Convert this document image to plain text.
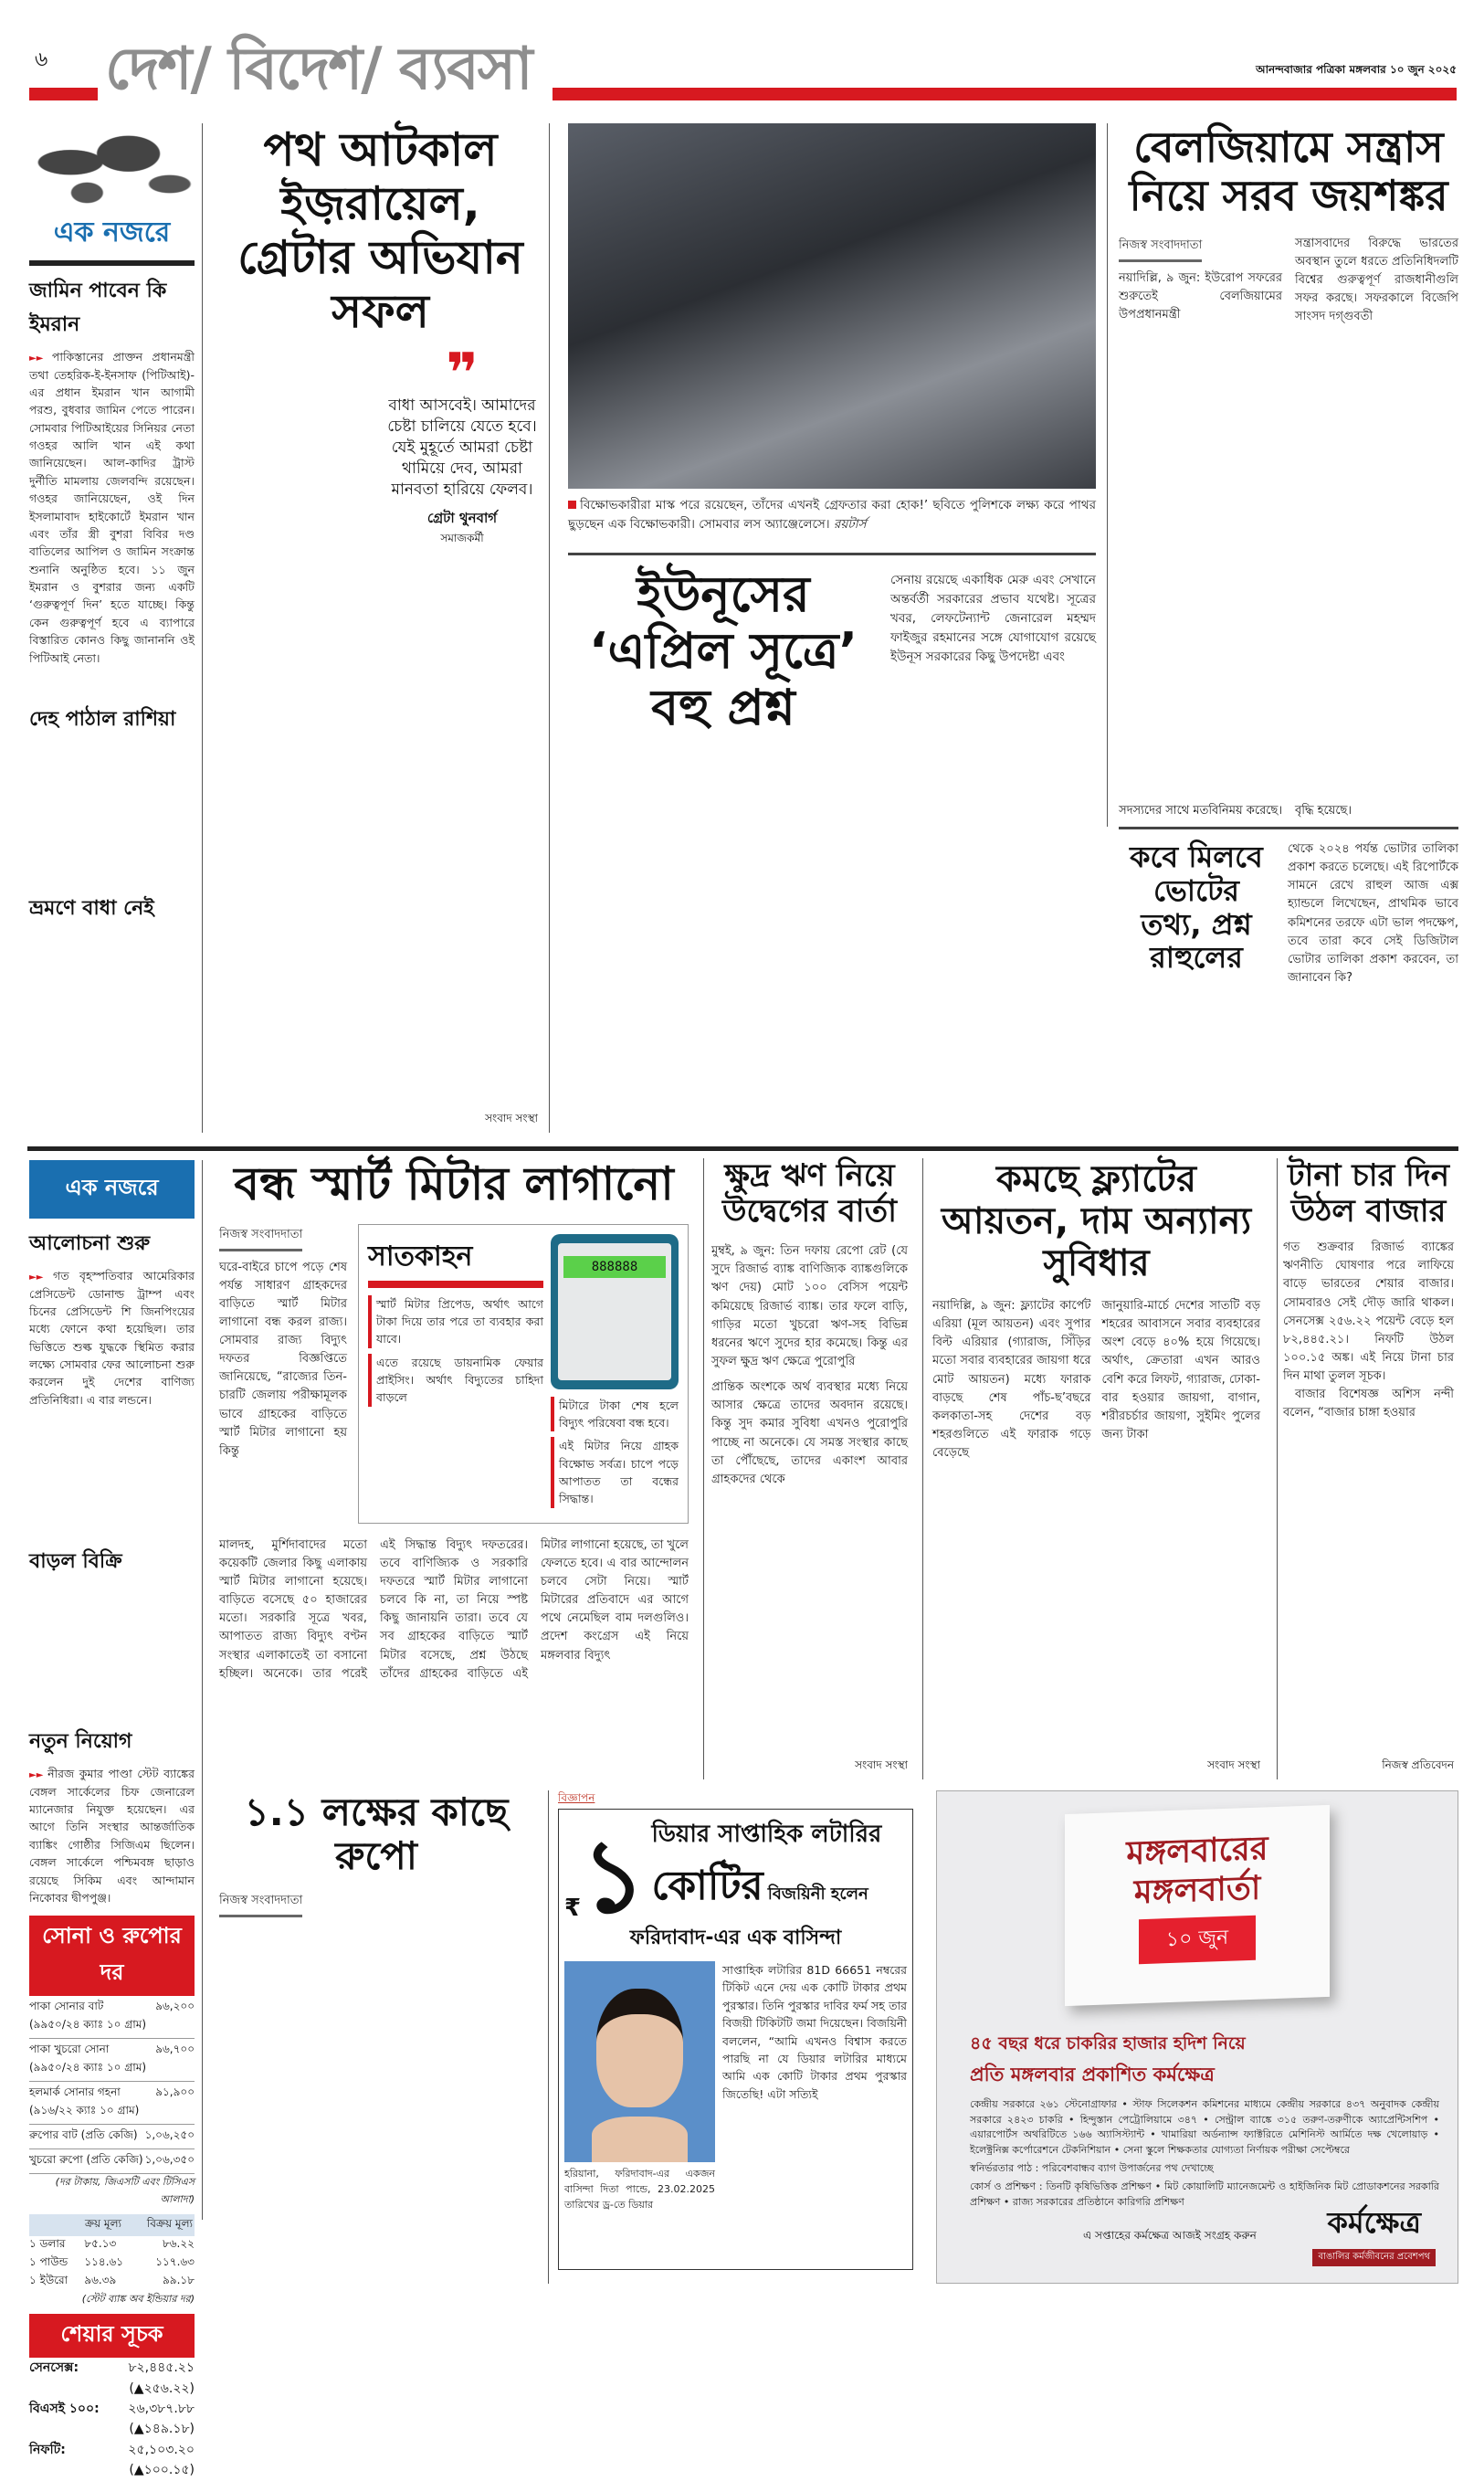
৬ দেশ/ বিদেশ/ ব্যবসা	আনন্দবাজার পত্রিকা মঙ্গলবার ১০ জুন ২০২৫
এক নজরে
জামিন পাবেন কি ইমরান
►► পাকিস্তানের প্রাক্তন প্রধানমন্ত্রী তথা তেহরিক-ই-ইনসাফ (পিটিআই)-এর প্রধান ইমরান খান আগামী পরশু, বুধবার জামিন পেতে পারেন। সোমবার পিটিআইয়ের সিনিয়র নেতা গওহর আলি খান এই কথা জানিয়েছেন। আল-কাদির ট্রাস্ট দুর্নীতি মামলায় জেলবন্দি রয়েছেন। গওহর জানিয়েছেন, ওই দিন ইসলামাবাদ হাইকোর্টে ইমরান খান এবং তাঁর স্ত্রী বুশরা বিবির দণ্ড বাতিলের আপিল ও জামিন সংক্রান্ত শুনানি অনুষ্ঠিত হবে। ১১ জুন ইমরান ও বুশরার জন্য একটি ‘গুরুত্বপূর্ণ দিন’ হতে যাচ্ছে। কিন্তু কেন গুরুত্বপূর্ণ হবে এ ব্যাপারে বিস্তারিত কোনও কিছু জানাননি ওই পিটিআই নেতা।
দেহ পাঠাল রাশিয়া
ভ্রমণে বাধা নেই
পথ আটকাল ইজ়রায়েল, গ্রেটার অভিযান সফল
❞
বাধা আসবেই। আমাদের চেষ্টা চালিয়ে যেতে হবে। যেই মুহূর্তে আমরা চেষ্টা থামিয়ে দেব, আমরা মানবতা হারিয়ে ফেলব।
গ্রেটা থুনবার্গ
সমাজকর্মী
সংবাদ সংস্থা
বিক্ষোভকারীরা মাস্ক পরে রয়েছেন, তাঁদের এখনই গ্রেফতার করা হোক!’ ছবিতে পুলিশকে লক্ষ্য করে পাথর ছুড়ছেন এক বিক্ষোভকারী। সোমবার লস অ্যাঞ্জেলেসে। রয়টার্স
ইউনূসের ‘এপ্রিল সূত্রে’ বহু প্রশ্ন
সেনায় রয়েছে একাধিক মেরু এবং সেখানে অন্তর্বর্তী সরকারের প্রভাব যথেষ্ট। সূত্রের খবর, লেফটেন্যান্ট জেনারেল মহম্মদ ফাইজুর রহমানের সঙ্গে যোগাযোগ রয়েছে ইউনূস সরকারের কিছু উপদেষ্টা এবং
বেলজিয়ামে সন্ত্রাস নিয়ে সরব জয়শঙ্কর
নিজস্ব সংবাদদাতা
নয়াদিল্লি, ৯ জুন: ইউরোপ সফরের শুরুতেই বেলজিয়ামের উপপ্রধানমন্ত্রী
সন্ত্রাসবাদের বিরুদ্ধে ভারতের অবস্থান তুলে ধরতে প্রতিনিধিদলটি বিশ্বের গুরুত্বপূর্ণ রাজধানীগুলি সফর করছে। সফরকালে বিজেপি সাংসদ দগ্গুবতী
সদস্যদের সাথে মতবিনিময় করেছে। বৃদ্ধি হয়েছে।
কবে মিলবে ভোটের তথ্য, প্রশ্ন রাহুলের
থেকে ২০২৪ পর্যন্ত ভোটার তালিকা প্রকাশ করতে চলেছে। এই রিপোর্টকে সামনে রেখে রাহুল আজ এক্স হ্যান্ডলে লিখেছেন, প্রাথমিক ভাবে কমিশনের তরফে এটা ভাল পদক্ষেপ, তবে তারা কবে সেই ডিজিটাল ভোটার তালিকা প্রকাশ করবেন, তা জানাবেন কি?
এক নজরে
আলোচনা শুরু
►► গত বৃহস্পতিবার আমেরিকার প্রেসিডেন্ট ডোনাল্ড ট্রাম্প এবং চিনের প্রেসিডেন্ট শি জিনপিংয়ের মধ্যে ফোনে কথা হয়েছিল। তার ভিত্তিতে শুল্ক যুদ্ধকে স্থিমিত করার লক্ষ্যে সোমবার ফের আলোচনা শুরু করলেন দুই দেশের বাণিজ্য প্রতিনিধিরা। এ বার লন্ডনে।
বাড়ল বিক্রি
নতুন নিয়োগ
►► নীরজ কুমার পাণ্ডা স্টেট ব্যাঙ্কের বেঙ্গল সার্কেলের চিফ জেনারেল ম্যানেজার নিযুক্ত হয়েছেন। এর আগে তিনি সংস্থার আন্তর্জাতিক ব্যাঙ্কিং গোষ্ঠীর সিজিএম ছিলেন। বেঙ্গল সার্কেলে পশ্চিমবঙ্গ ছাড়াও রয়েছে সিকিম এবং আন্দামান নিকোবর দ্বীপপুঞ্জ।
সোনা ও রুপোর দর
পাকা সোনার বাট
(৯৯৫০/২৪ ক্যাঃ ১০ গ্রাম)
৯৬,২০০
পাকা খুচরো সোনা
(৯৯৫০/২৪ ক্যাঃ ১০ গ্রাম)
৯৬,৭০০
হলমার্ক সোনার গহনা
(৯১৬/২২ ক্যাঃ ১০ গ্রাম)
৯১,৯০০
রুপোর বাট (প্রতি কেজি) ১,০৬,২৫০
খুচরো রুপো (প্রতি কেজি) ১,০৬,৩৫০
(দর টাকায়, জিএসটি এবং টিসিএস আলাদা)
ক্রয় মূল্য	বিক্রয় মূল্য
১ ডলার	৮৫.১৩	৮৬.২২
১ পাউন্ড	১১৪.৬১	১১৭.৬৩
১ ইউরো	৯৬.৩৯	৯৯.১৮
(স্টেট ব্যাঙ্ক অব ইন্ডিয়ার দর)
শেয়ার সূচক
সেনসেক্স:	৮২,৪৪৫.২১
(▲২৫৬.২২)
বিএসই ১০০: ২৬,৩৮৭.৮৮
(▲১৪৯.১৮)
নিফটি:	২৫,১০৩.২০
(▲১০০.১৫)
বন্ধ স্মার্ট মিটার লাগানো
নিজস্ব সংবাদদাতা
ঘরে-বাইরে চাপে পড়ে শেষ পর্যন্ত সাধারণ গ্রাহকদের বাড়িতে স্মার্ট মিটার লাগানো বন্ধ করল রাজ্য। সোমবার রাজ্য বিদ্যুৎ দফতর বিজ্ঞপ্তিতে জানিয়েছে, “রাজ্যের তিন-চারটি জেলায় পরীক্ষামূলক ভাবে গ্রাহকের বাড়িতে স্মার্ট মিটার লাগানো হয় কিন্তু
সাতকাহন
স্মার্ট মিটার প্রিপেড, অর্থাৎ আগে টাকা দিয়ে তার পরে তা ব্যবহার করা যাবে।
এতে রয়েছে ডায়নামিক ফেয়ার প্রাইসিং। অর্থাৎ বিদ্যুতের চাহিদা বাড়লে
888888
মিটারে টাকা শেষ হলে বিদ্যুৎ পরিষেবা বন্ধ হবে।
এই মিটার নিয়ে গ্রাহক বিক্ষোভ সর্বত্র। চাপে পড়ে আপাতত তা বন্ধের সিদ্ধান্ত।
মালদহ, মুর্শিদাবাদের মতো কয়েকটি জেলার কিছু এলাকায় স্মার্ট মিটার লাগানো হয়েছে। বাড়িতে বসেছে ৫০ হাজারের মতো। সরকারি সূত্রে খবর, আপাতত রাজ্য বিদ্যুৎ বণ্টন সংস্থার এলাকাতেই তা বসানো হচ্ছিল। অনেকে। তার পরেই এই সিদ্ধান্ত বিদ্যুৎ দফতরের। তবে বাণিজ্যিক ও সরকারি দফতরে স্মার্ট মিটার লাগানো চলবে কি না, তা নিয়ে স্পষ্ট কিছু জানায়নি তারা। তবে যে সব গ্রাহকের বাড়িতে স্মার্ট মিটার বসেছে, প্রশ্ন উঠছে তাঁদের গ্রাহকের বাড়িতে এই মিটার লাগানো হয়েছে, তা খুলে ফেলতে হবে। এ বার আন্দোলন চলবে সেটা নিয়ে। স্মার্ট মিটারের প্রতিবাদে এর আগে পথে নেমেছিল বাম দলগুলিও। প্রদেশ কংগ্রেস এই নিয়ে মঙ্গলবার বিদ্যুৎ
ক্ষুদ্র ঋণ নিয়ে উদ্বেগের বার্তা
মুম্বই, ৯ জুন: তিন দফায় রেপো রেট (যে সুদে রিজার্ভ ব্যাঙ্ক বাণিজ্যিক ব্যাঙ্কগুলিকে ঋণ দেয়) মোট ১০০ বেসিস পয়েন্ট কমিয়েছে রিজার্ভ ব্যাঙ্ক। তার ফলে বাড়ি, গাড়ির মতো খুচরো ঋণ-সহ বিভিন্ন ধরনের ঋণে সুদের হার কমেছে। কিন্তু এর সুফল ক্ষুদ্র ঋণ ক্ষেত্রে পুরোপুরি
প্রান্তিক অংশকে অর্থ ব্যবস্থার মধ্যে নিয়ে আসার ক্ষেত্রে তাদের অবদান রয়েছে। কিন্তু সুদ কমার সুবিধা এখনও পুরোপুরি পাচ্ছে না অনেকে। যে সমস্ত সংস্থার কাছে তা পৌঁছেছে, তাদের একাংশ আবার গ্রাহকদের থেকে
সংবাদ সংস্থা
কমছে ফ্ল্যাটের আয়তন, দাম অন্যান্য সুবিধার
নয়াদিল্লি, ৯ জুন: ফ্ল্যাটের কার্পেট এরিয়া (মূল আয়তন) এবং সুপার বিল্ট এরিয়ার (গ্যারাজ, সিঁড়ির মতো সবার ব্যবহারের জায়গা ধরে মোট আয়তন) মধ্যে ফারাক বাড়ছে শেষ পাঁচ-ছ’বছরে কলকাতা-সহ দেশের বড় শহরগুলিতে এই ফারাক গড়ে বেড়েছে
জানুয়ারি-মার্চে দেশের সাতটি বড় শহরের আবাসনে সবার ব্যবহারের অংশ বেড়ে ৪০% হয়ে গিয়েছে। অর্থাৎ, ক্রেতারা এখন আরও বেশি করে লিফট, গ্যারাজ, ঢোকা-বার হওয়ার জায়গা, বাগান, শরীরচর্চার জায়গা, সুইমিং পুলের জন্য টাকা
সংবাদ সংস্থা
টানা চার দিন উঠল বাজার
গত শুক্রবার রিজার্ভ ব্যাঙ্কের ঋণনীতি ঘোষণার পরে লাফিয়ে বাড়ে ভারতের শেয়ার বাজার। সোমবারও সেই দৌড় জারি থাকল। সেনসেক্স ২৫৬.২২ পয়েন্ট বেড়ে হল ৮২,৪৪৫.২১। নিফটি উঠল ১০০.১৫ অঙ্ক। এই নিয়ে টানা চার দিন মাথা তুলল সূচক।
বাজার বিশেষজ্ঞ অশিস নন্দী বলেন, “বাজার চাঙ্গা হওয়ার
নিজস্ব প্রতিবেদন
১.১ লক্ষের কাছে রুপো
নিজস্ব সংবাদদাতা
বিজ্ঞাপন
₹ ১ ডিয়ার সাপ্তাহিক লটারির
কোটির বিজয়িনী হলেন
ফরিদাবাদ-এর এক বাসিন্দা
সাপ্তাহিক লটারির 81D 66651 নম্বরের টিকিট এনে দেয় এক কোটি টাকার প্রথম পুরস্কার। তিনি পুরস্কার দাবির ফর্ম সহ তার বিজয়ী টিকিটটি জমা দিয়েছেন। বিজয়িনী বললেন, “আমি এখনও বিশ্বাস করতে পারছি না যে ডিয়ার লটারির মাধ্যমে আমি এক কোটি টাকার প্রথম পুরস্কার জিতেছি! এটা সত্যিই
হরিয়ানা, ফরিদাবাদ-এর একজন বাসিন্দা দিতা পান্ডে, 23.02.2025 তারিখের ড্র-তে ডিয়ার
মঙ্গলবারের মঙ্গলবার্তা
১০ জুন
৪৫ বছর ধরে চাকরির হাজার হদিশ নিয়ে
প্রতি মঙ্গলবার প্রকাশিত কর্মক্ষেত্র
কেন্দ্রীয় সরকারে ২৬১ স্টেনোগ্রাফার • স্টাফ সিলেকশন কমিশনের মাধ্যমে কেন্দ্রীয় সরকারে ৪৩৭ অনুবাদক কেন্দ্রীয় সরকারে ২৪২৩ চাকরি • হিন্দুস্তান পেট্রোলিয়ামে ৩৪৭ • সেন্ট্রাল ব্যাঙ্কে ৩১৫ তরুণ-তরুণীকে অ্যাপ্রেন্টিসশিপ • এয়ারপোর্টস অথরিটিতে ১৬৬ অ্যাসিস্ট্যান্ট • খামারিয়া অর্ডন্যান্স ফ্যাক্টরিতে মেশিনিস্ট আর্মিতে দক্ষ খেলোয়াড় • ইলেক্ট্রনিক্স কর্পোরেশনে টেকনিশিয়ান • সেনা স্কুলে শিক্ষকতার যোগ্যতা নির্ণায়ক পরীক্ষা সেপ্টেম্বরে
স্বনির্ভরতার পাঠ : পরিবেশবান্ধব ব্যাগ উপার্জনের পথ দেখাচ্ছে
কোর্স ও প্রশিক্ষণ : তিনটি কৃষিভিত্তিক প্রশিক্ষণ • মিট কোয়ালিটি ম্যানেজমেন্ট ও হাইজিনিক মিট প্রোডাকশনের সরকারি প্রশিক্ষণ • রাজ্য সরকারের প্রতিষ্ঠানে কারিগরি প্রশিক্ষণ
এ সপ্তাহের কর্মক্ষেত্র আজই সংগ্রহ করুন	কর্মক্ষেত্র
বাঙালির কর্মজীবনের প্রবেশপথ
